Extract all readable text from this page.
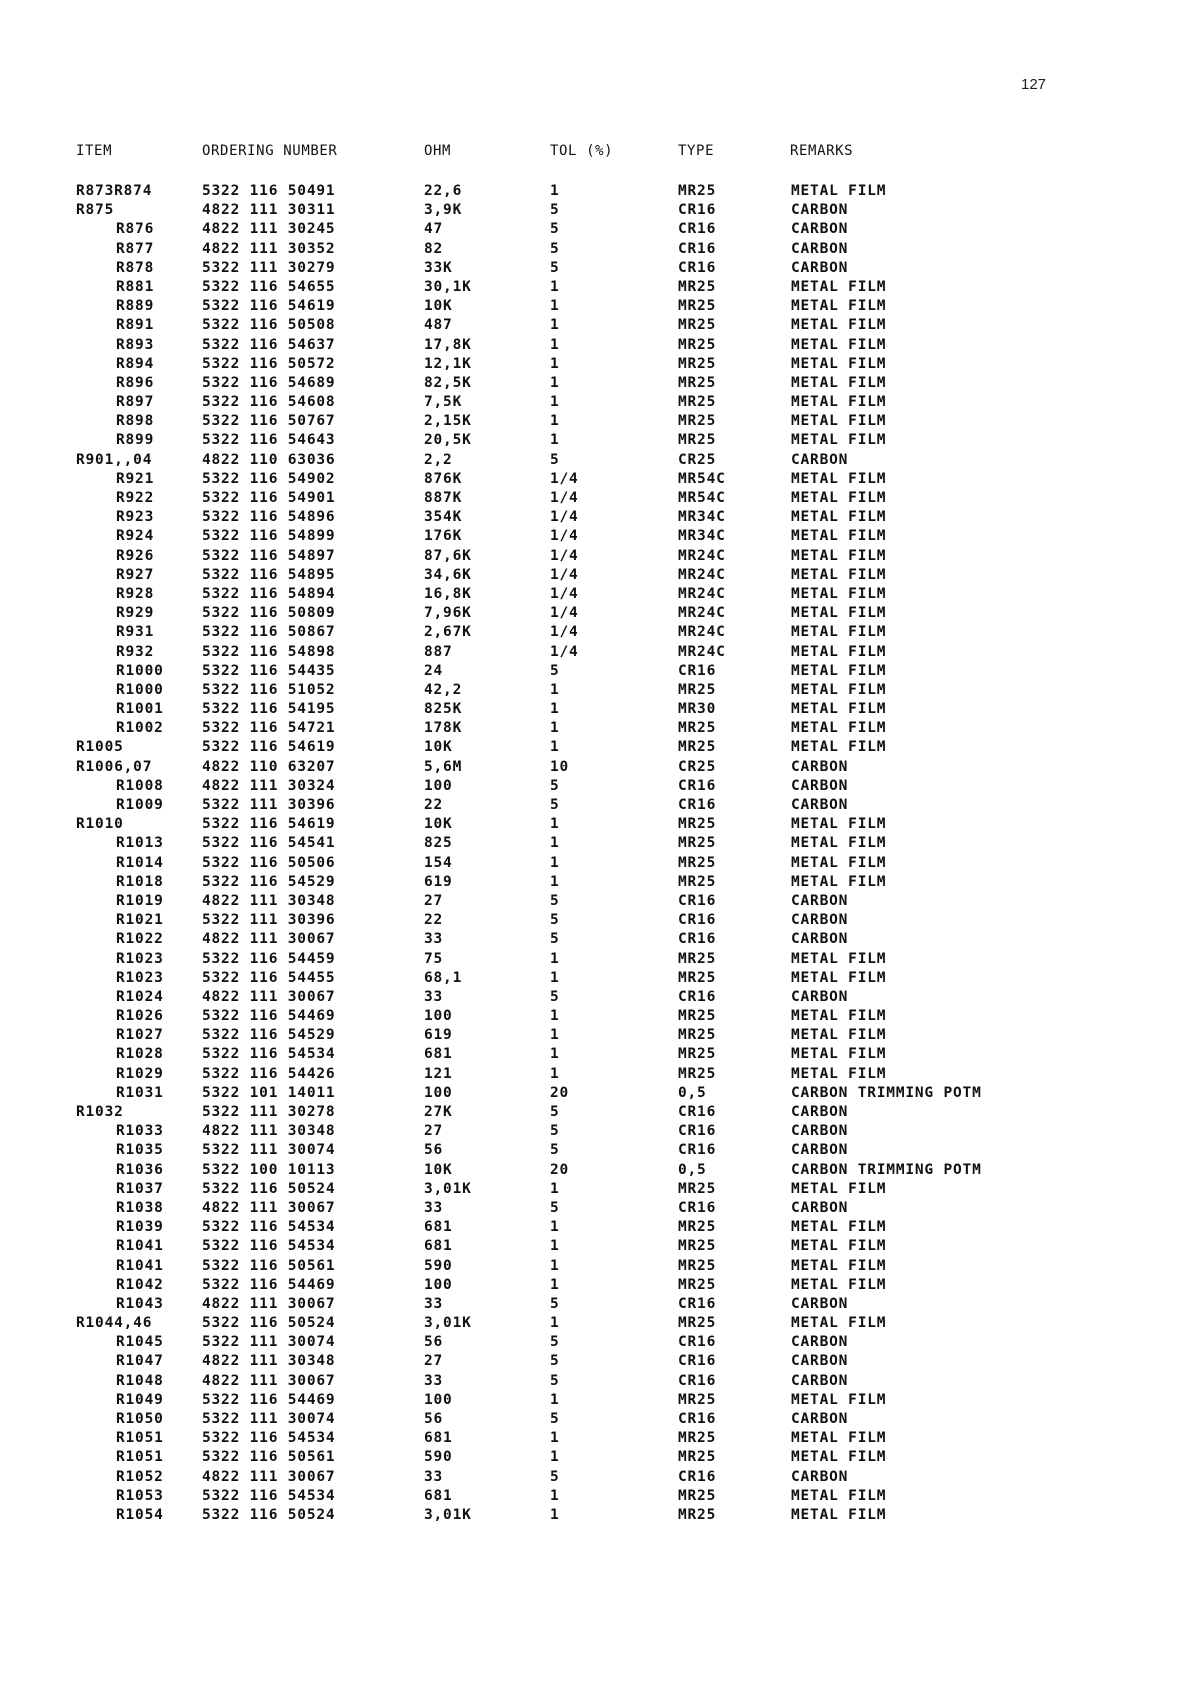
127
ITEM	ORDERING NUMBER	OHM	TOL (%)	TYPE	REMARKS
R873R874	5322 116 50491	22,6	1	MR25	METAL FILM
R875	4822 111 30311	3,9K	5	CR16	CARBON
R876	4822 111 30245	47	5	CR16	CARBON
R877	4822 111 30352	82	5	CR16	CARBON
R878	5322 111 30279	33K	5	CR16	CARBON
R881	5322 116 54655	30,1K	1	MR25	METAL FILM
R889	5322 116 54619	10K	1	MR25	METAL FILM
R891	5322 116 50508	487	1	MR25	METAL FILM
R893	5322 116 54637	17,8K	1	MR25	METAL FILM
R894	5322 116 50572	12,1K	1	MR25	METAL FILM
R896	5322 116 54689	82,5K	1	MR25	METAL FILM
R897	5322 116 54608	7,5K	1	MR25	METAL FILM
R898	5322 116 50767	2,15K	1	MR25	METAL FILM
R899	5322 116 54643	20,5K	1	MR25	METAL FILM
R901,,04	4822 110 63036	2,2	5	CR25	CARBON
R921	5322 116 54902	876K	1/4	MR54C	METAL FILM
R922	5322 116 54901	887K	1/4	MR54C	METAL FILM
R923	5322 116 54896	354K	1/4	MR34C	METAL FILM
R924	5322 116 54899	176K	1/4	MR34C	METAL FILM
R926	5322 116 54897	87,6K	1/4	MR24C	METAL FILM
R927	5322 116 54895	34,6K	1/4	MR24C	METAL FILM
R928	5322 116 54894	16,8K	1/4	MR24C	METAL FILM
R929	5322 116 50809	7,96K	1/4	MR24C	METAL FILM
R931	5322 116 50867	2,67K	1/4	MR24C	METAL FILM
R932	5322 116 54898	887	1/4	MR24C	METAL FILM
R1000	5322 116 54435	24	5	CR16	METAL FILM
R1000	5322 116 51052	42,2	1	MR25	METAL FILM
R1001	5322 116 54195	825K	1	MR30	METAL FILM
R1002	5322 116 54721	178K	1	MR25	METAL FILM
R1005	5322 116 54619	10K	1	MR25	METAL FILM
R1006,07	4822 110 63207	5,6M	10	CR25	CARBON
R1008	4822 111 30324	100	5	CR16	CARBON
R1009	5322 111 30396	22	5	CR16	CARBON
R1010	5322 116 54619	10K	1	MR25	METAL FILM
R1013	5322 116 54541	825	1	MR25	METAL FILM
R1014	5322 116 50506	154	1	MR25	METAL FILM
R1018	5322 116 54529	619	1	MR25	METAL FILM
R1019	4822 111 30348	27	5	CR16	CARBON
R1021	5322 111 30396	22	5	CR16	CARBON
R1022	4822 111 30067	33	5	CR16	CARBON
R1023	5322 116 54459	75	1	MR25	METAL FILM
R1023	5322 116 54455	68,1	1	MR25	METAL FILM
R1024	4822 111 30067	33	5	CR16	CARBON
R1026	5322 116 54469	100	1	MR25	METAL FILM
R1027	5322 116 54529	619	1	MR25	METAL FILM
R1028	5322 116 54534	681	1	MR25	METAL FILM
R1029	5322 116 54426	121	1	MR25	METAL FILM
R1031	5322 101 14011	100	20	0,5	CARBON TRIMMING POTM
R1032	5322 111 30278	27K	5	CR16	CARBON
R1033	4822 111 30348	27	5	CR16	CARBON
R1035	5322 111 30074	56	5	CR16	CARBON
R1036	5322 100 10113	10K	20	0,5	CARBON TRIMMING POTM
R1037	5322 116 50524	3,01K	1	MR25	METAL FILM
R1038	4822 111 30067	33	5	CR16	CARBON
R1039	5322 116 54534	681	1	MR25	METAL FILM
R1041	5322 116 54534	681	1	MR25	METAL FILM
R1041	5322 116 50561	590	1	MR25	METAL FILM
R1042	5322 116 54469	100	1	MR25	METAL FILM
R1043	4822 111 30067	33	5	CR16	CARBON
R1044,46	5322 116 50524	3,01K	1	MR25	METAL FILM
R1045	5322 111 30074	56	5	CR16	CARBON
R1047	4822 111 30348	27	5	CR16	CARBON
R1048	4822 111 30067	33	5	CR16	CARBON
R1049	5322 116 54469	100	1	MR25	METAL FILM
R1050	5322 111 30074	56	5	CR16	CARBON
R1051	5322 116 54534	681	1	MR25	METAL FILM
R1051	5322 116 50561	590	1	MR25	METAL FILM
R1052	4822 111 30067	33	5	CR16	CARBON
R1053	5322 116 54534	681	1	MR25	METAL FILM
R1054	5322 116 50524	3,01K	1	MR25	METAL FILM
